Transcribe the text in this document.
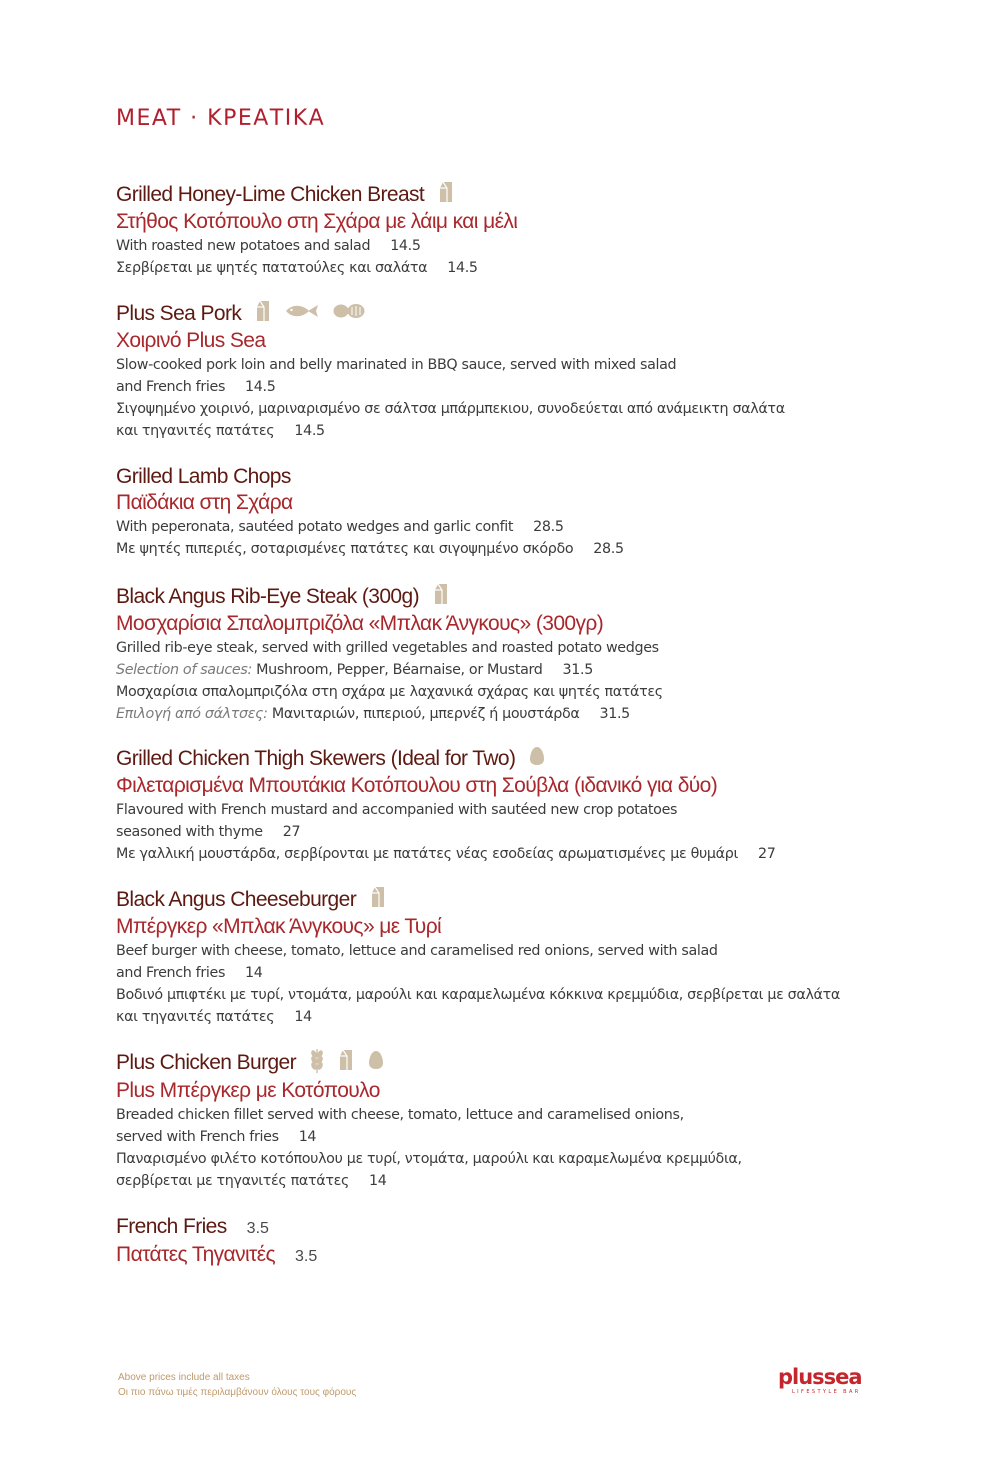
MEAT · ΚΡΕΑΤΙΚΑ
Grilled Honey-Lime Chicken Breast
Στήθος Κοτόπουλο στη Σχάρα με λάιμ και μέλι
With roasted new potatoes and salad 14.5
Σερβίρεται με ψητές πατατούλες και σαλάτα 14.5
Plus Sea Pork
Χοιρινό Plus Sea
Slow-cooked pork loin and belly marinated in BBQ sauce, served with mixed salad
and French fries 14.5
Σιγοψημένο χοιρινό, μαριναρισμένο σε σάλτσα μπάρμπεκιου, συνοδεύεται από ανάμεικτη σαλάτα
και τηγανιτές πατάτες 14.5
Grilled Lamb Chops
Παϊδάκια στη Σχάρα
With peperonata, sautéed potato wedges and garlic confit 28.5
Με ψητές πιπεριές, σοταρισμένες πατάτες και σιγοψημένο σκόρδο 28.5
Black Angus Rib-Eye Steak (300g)
Μοσχαρίσια Σπαλομπριζόλα «Μπλακ Άνγκους» (300γρ)
Grilled rib-eye steak, served with grilled vegetables and roasted potato wedges
Selection of sauces: Mushroom, Pepper, Béarnaise, or Mustard 31.5
Μοσχαρίσια σπαλομπριζόλα στη σχάρα με λαχανικά σχάρας και ψητές πατάτες
Επιλογή από σάλτσες: Μανιταριών, πιπεριού, μπερνέζ ή μουστάρδα 31.5
Grilled Chicken Thigh Skewers (Ideal for Two)
Φιλεταρισμένα Μπουτάκια Κοτόπουλου στη Σούβλα (ιδανικό για δύο)
Flavoured with French mustard and accompanied with sautéed new crop potatoes
seasoned with thyme 27
Με γαλλική μουστάρδα, σερβίρονται με πατάτες νέας εσοδείας αρωματισμένες με θυμάρι 27
Black Angus Cheeseburger
Μπέργκερ «Μπλακ Άνγκους» με Τυρί
Beef burger with cheese, tomato, lettuce and caramelised red onions, served with salad
and French fries 14
Βοδινό μπιφτέκι με τυρί, ντομάτα, μαρούλι και καραμελωμένα κόκκινα κρεμμύδια, σερβίρεται με σαλάτα
και τηγανιτές πατάτες 14
Plus Chicken Burger
Plus Μπέργκερ με Κοτόπουλο
Breaded chicken fillet served with cheese, tomato, lettuce and caramelised onions,
served with French fries 14
Παναρισμένο φιλέτο κοτόπουλου με τυρί, ντομάτα, μαρούλι και καραμελωμένα κρεμμύδια,
σερβίρεται με τηγανιτές πατάτες 14
French Fries 3.5
Πατάτες Τηγανιτές 3.5
Above prices include all taxes
Οι πιο πάνω τιμές περιλαμβάνουν όλους τους φόρους
plussea
LIFESTYLE BAR
